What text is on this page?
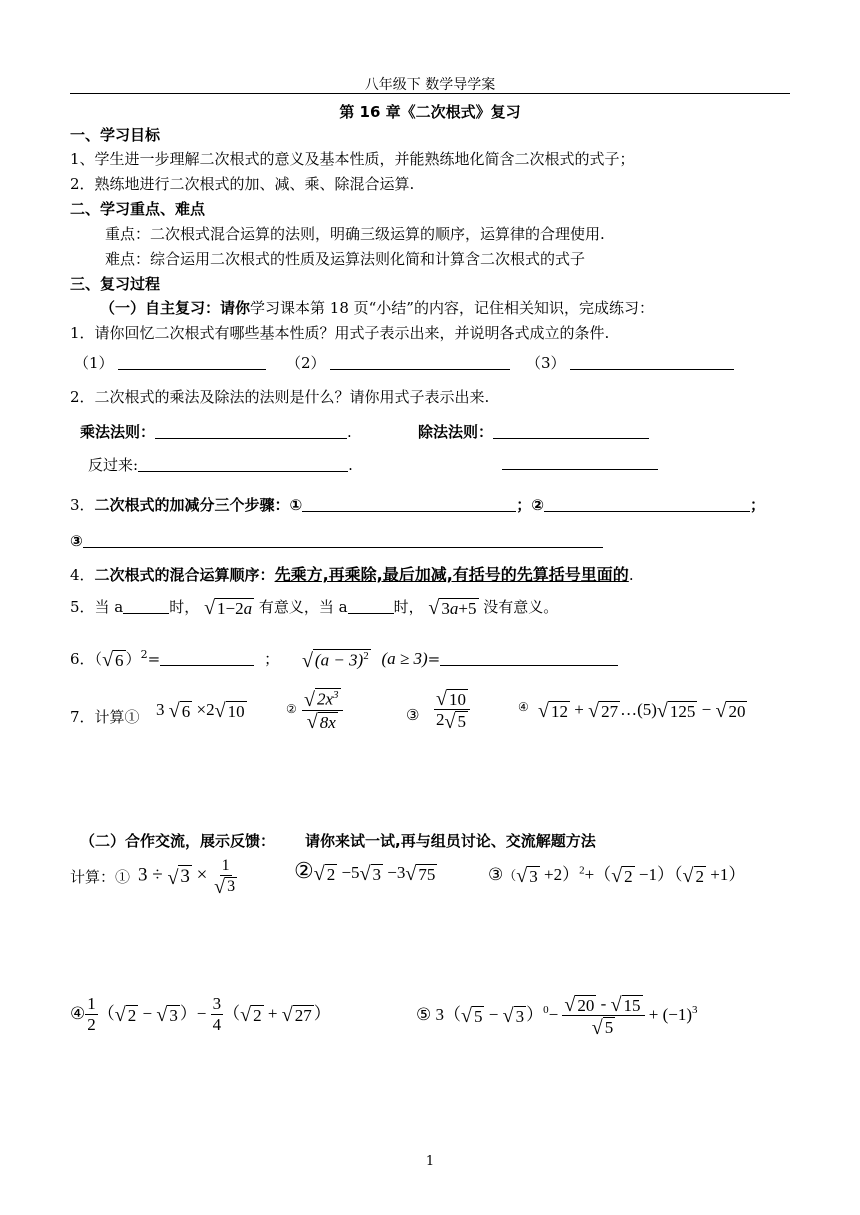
八年级下 数学导学案
第 16 章《二次根式》复习
一、学习目标
1、学生进一步理解二次根式的意义及基本性质，并能熟练地化简含二次根式的式子；
2．熟练地进行二次根式的加、减、乘、除混合运算.
二、学习重点、难点
重点：二次根式混合运算的法则，明确三级运算的顺序，运算律的合理使用.
难点：综合运用二次根式的性质及运算法则化简和计算含二次根式的式子
三、复习过程
（一）自主复习：请你学习课本第 18 页“小结”的内容，记住相关知识，完成练习：
1．请你回忆二次根式有哪些基本性质？用式子表示出来，并说明各式成立的条件.
（1）	（2）	（3）
2．二次根式的乘法及除法的法则是什么？请你用式子表示出来.
乘法法则：	.	除法法则：
反过来:	.
3．二次根式的加减分三个步骤：①	；②	；
③
4．二次根式的混合运算顺序：先乘方,再乘除,最后加减,有括号的先算括号里面的.
5．当 a	时， √ 1−2a 有意义，当 a	时， √ 3a+5 没有意义。
6．（ √ 6 ）$^2$=	； √ $(a - 3)^2$ (a ≥ 3)=
7．计算① 3 √ 6 ×2 √ 10	② $\frac{√ 2x^3}{√ 8x}$	③ $\frac{√ 10}{2 √ 5}$	④ √ 12 + √ 27 …(5) √ 125 − √ 20
（二）合作交流，展示反馈： 请你来试一试,再与组员讨论、交流解题方法
计算：① 3 ÷ √ $3 \times \frac{1}{√ 3}$ ② √ 2 −5 √ 3 −3 √ 75	③（ √ 3 +2）$^2$+（ √ 2 −1）（ √ 2 +1）
④ $\frac{1}{2}$ （ √ 2 − √ 3 ）− $\frac{3}{4}$ （ √ 2 + √ 27 ）	⑤ 3（ √ 5 − √ 3 ）$^0- \frac{√ 20 - √ 15}{√ 5} + (-1)^3$
1
